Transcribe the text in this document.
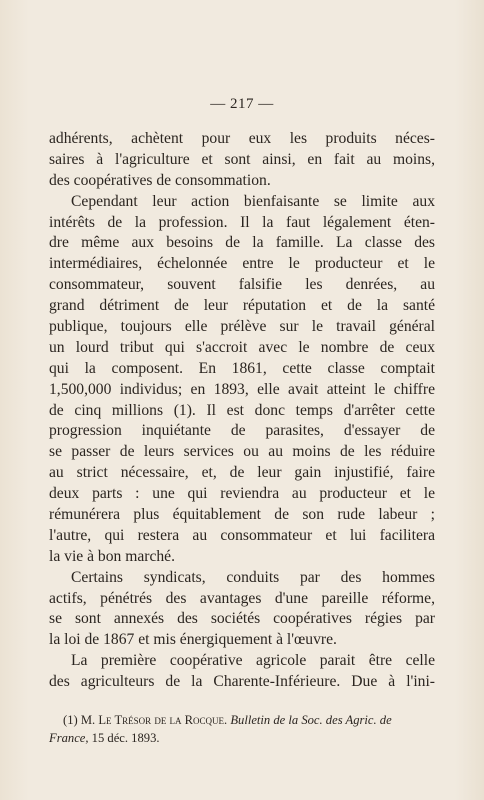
— 217 —
adhérents, achètent pour eux les produits néces-
saires à l'agriculture et sont ainsi, en fait au moins,
des coopératives de consommation.
Cependant leur action bienfaisante se limite aux
intérêts de la profession. Il la faut légalement éten-
dre même aux besoins de la famille. La classe des
intermédiaires, échelonnée entre le producteur et le
consommateur, souvent falsifie les denrées, au
grand détriment de leur réputation et de la santé
publique, toujours elle prélève sur le travail général
un lourd tribut qui s'accroit avec le nombre de ceux
qui la composent. En 1861, cette classe comptait
1,500,000 individus; en 1893, elle avait atteint le chiffre
de cinq millions (1). Il est donc temps d'arrêter cette
progression inquiétante de parasites, d'essayer de
se passer de leurs services ou au moins de les réduire
au strict nécessaire, et, de leur gain injustifié, faire
deux parts : une qui reviendra au producteur et le
rémunérera plus équitablement de son rude labeur ;
l'autre, qui restera au consommateur et lui facilitera
la vie à bon marché.
Certains syndicats, conduits par des hommes
actifs, pénétrés des avantages d'une pareille réforme,
se sont annexés des sociétés coopératives régies par
la loi de 1867 et mis énergiquement à l'œuvre.
La première coopérative agricole parait être celle
des agriculteurs de la Charente-Inférieure. Due à l'ini-
(1) M. Le Trésor de la Rocque. Bulletin de la Soc. des Agric. de
France, 15 déc. 1893.
